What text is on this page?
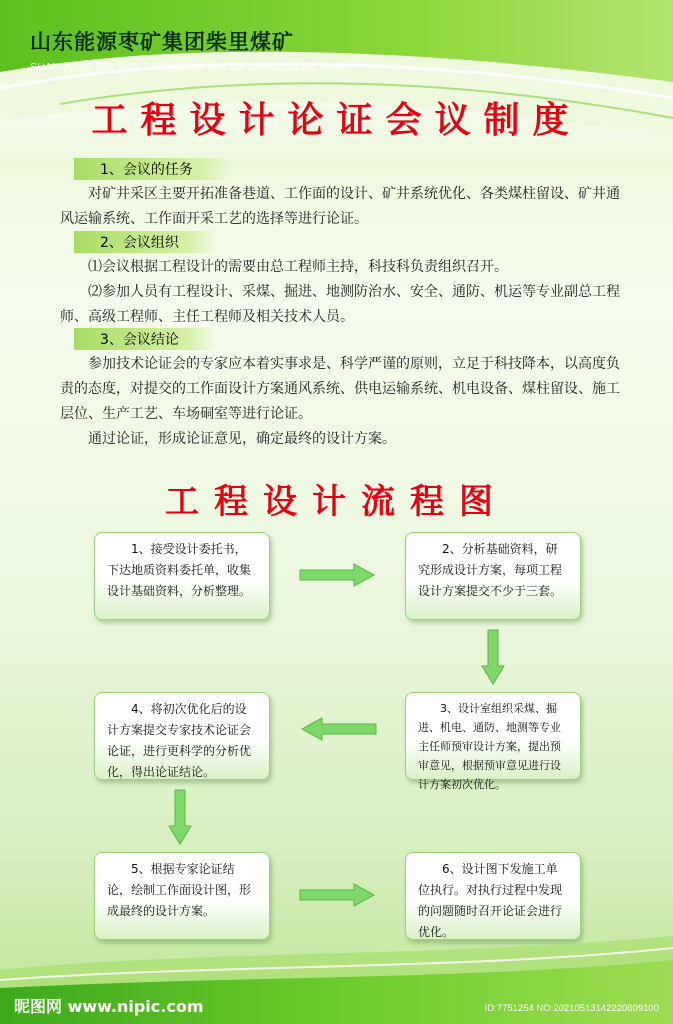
山东能源枣矿集团柴里煤矿
SHANDONG ENERGY ZAOKUANG GROUP CHAILI COAL MINE
工程设计论证会议制度
1、会议的任务

对矿井采区主要开拓准备巷道、工作面的设计、矿井系统优化、各类煤柱留设、矿井通风运输系统、工作面开采工艺的选择等进行论证。

2、会议组织

⑴会议根据工程设计的需要由总工程师主持，科技科负责组织召开。

⑵参加人员有工程设计、采煤、掘进、地测防治水、安全、通防、机运等专业副总工程师、高级工程师、主任工程师及相关技术人员。

3、会议结论

参加技术论证会的专家应本着实事求是、科学严谨的原则，立足于科技降本，以高度负责的态度，对提交的工作面设计方案通风系统、供电运输系统、机电设备、煤柱留设、施工层位、生产工艺、车场硐室等进行论证。

通过论证，形成论证意见，确定最终的设计方案。

工程设计流程图
1、接受设计委托书，下达地质资料委托单，收集设计基础资料，分析整理。
2、分析基础资料，研究形成设计方案，每项工程设计方案提交不少于三套。
3、设计室组织采煤、掘进、机电、通防、地测等专业主任师预审设计方案，提出预审意见，根据预审意见进行设计方案初次优化。
4、将初次优化后的设计方案提交专家技术论证会论证，进行更科学的分析优化，得出论证结论。
5、根据专家论证结论，绘制工作面设计图，形成最终的设计方案。
6、设计图下发施工单位执行。对执行过程中发现的问题随时召开论证会进行优化。
昵图网 www.nipic.com	ID:7751254 NO:20210513142220609100
